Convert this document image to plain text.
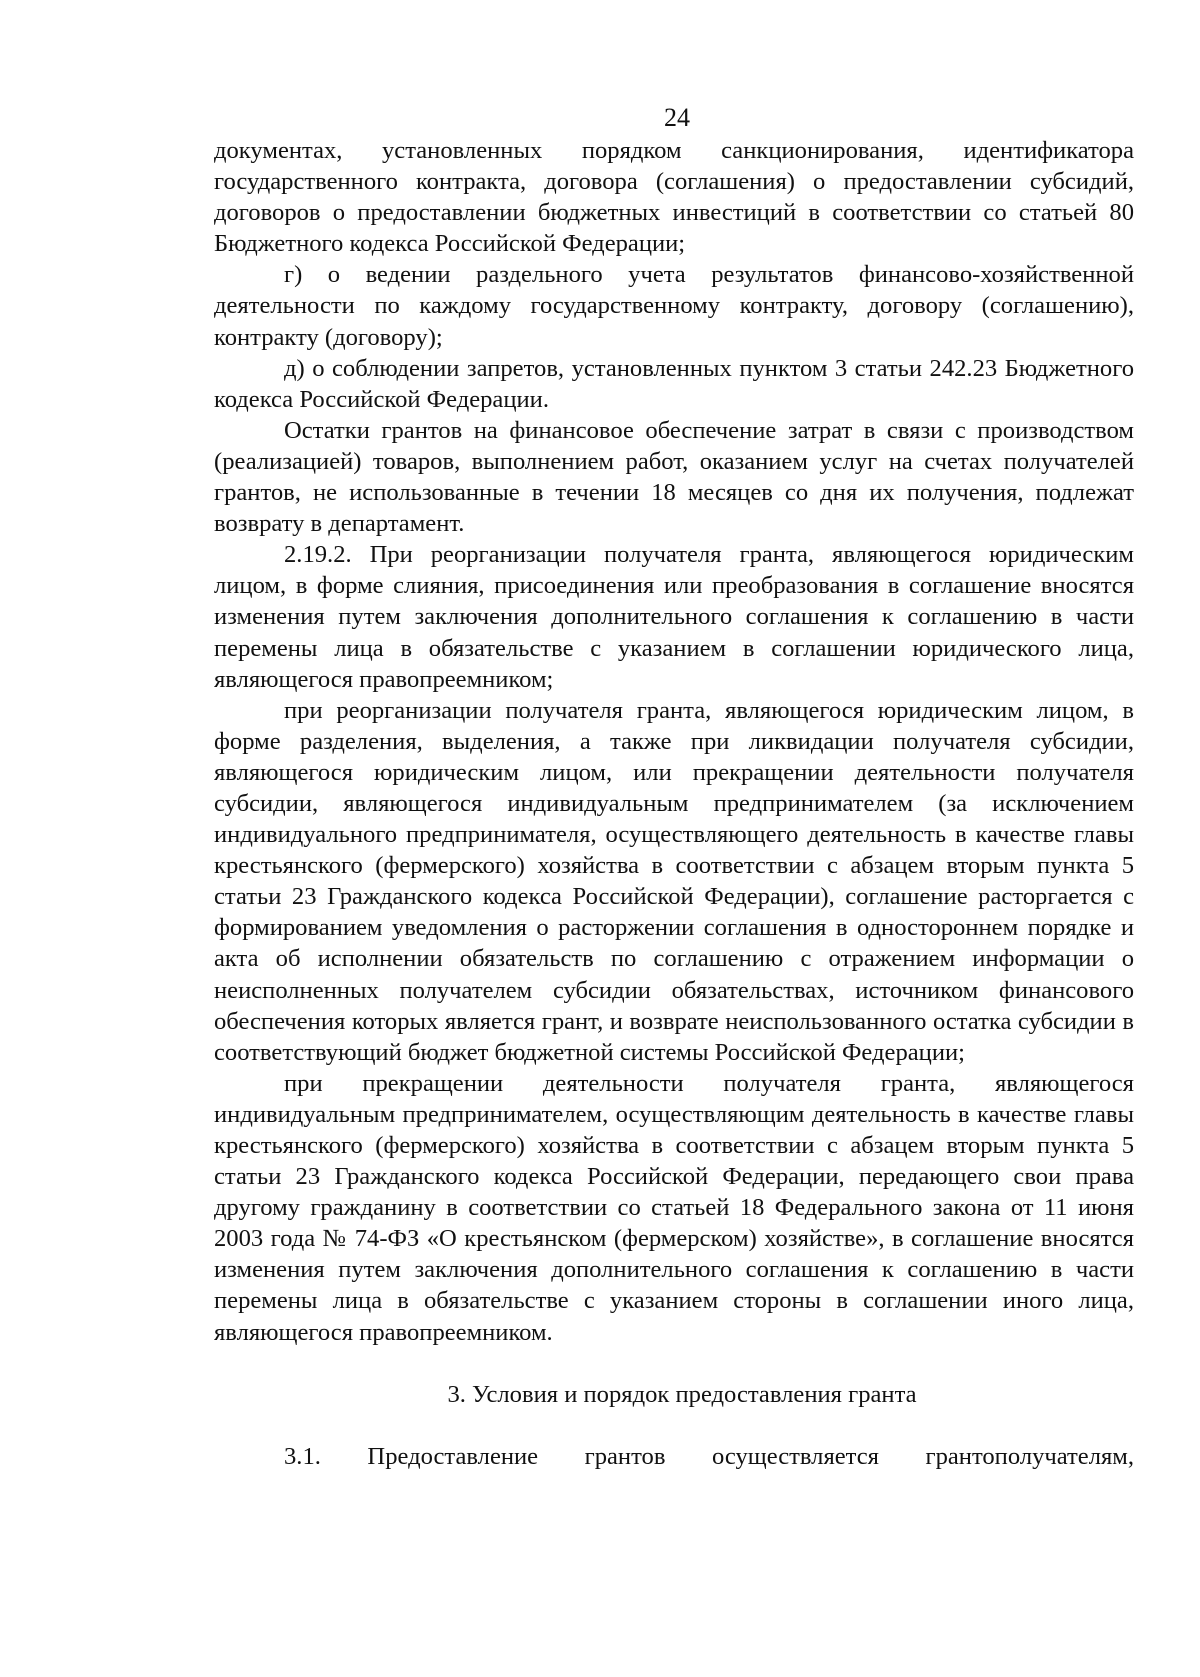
24

документах, установленных порядком санкционирования, идентификатора государственного контракта, договора (соглашения) о предоставлении субсидий, договоров о предоставлении бюджетных инвестиций в соответствии со статьей 80 Бюджетного кодекса Российской Федерации;

г) о ведении раздельного учета результатов финансово-хозяйственной деятельности по каждому государственному контракту, договору (соглашению), контракту (договору);

д) о соблюдении запретов, установленных пунктом 3 статьи 242.23 Бюджетного кодекса Российской Федерации.

Остатки грантов на финансовое обеспечение затрат в связи с производством (реализацией) товаров, выполнением работ, оказанием услуг на счетах получателей грантов, не использованные в течении 18 месяцев со дня их получения, подлежат возврату в департамент.

2.19.2. При реорганизации получателя гранта, являющегося юридическим лицом, в форме слияния, присоединения или преобразования в соглашение вносятся изменения путем заключения дополнительного соглашения к соглашению в части перемены лица в обязательстве с указанием в соглашении юридического лица, являющегося правопреемником;

при реорганизации получателя гранта, являющегося юридическим лицом, в форме разделения, выделения, а также при ликвидации получателя субсидии, являющегося юридическим лицом, или прекращении деятельности получателя субсидии, являющегося индивидуальным предпринимателем (за исключением индивидуального предпринимателя, осуществляющего деятельность в качестве главы крестьянского (фермерского) хозяйства в соответствии с абзацем вторым пункта 5 статьи 23 Гражданского кодекса Российской Федерации), соглашение расторгается с формированием уведомления о расторжении соглашения в одностороннем порядке и акта об исполнении обязательств по соглашению с отражением информации о неисполненных получателем субсидии обязательствах, источником финансового обеспечения которых является грант, и возврате неиспользованного остатка субсидии в соответствующий бюджет бюджетной системы Российской Федерации;

при прекращении деятельности получателя гранта, являющегося индивидуальным предпринимателем, осуществляющим деятельность в качестве главы крестьянского (фермерского) хозяйства в соответствии с абзацем вторым пункта 5 статьи 23 Гражданского кодекса Российской Федерации, передающего свои права другому гражданину в соответствии со статьей 18 Федерального закона от 11 июня 2003 года № 74-ФЗ «О крестьянском (фермерском) хозяйстве», в соглашение вносятся изменения путем заключения дополнительного соглашения к соглашению в части перемены лица в обязательстве с указанием стороны в соглашении иного лица, являющегося правопреемником.

3. Условия и порядок предоставления гранта

3.1. Предоставление грантов осуществляется грантополучателям,
